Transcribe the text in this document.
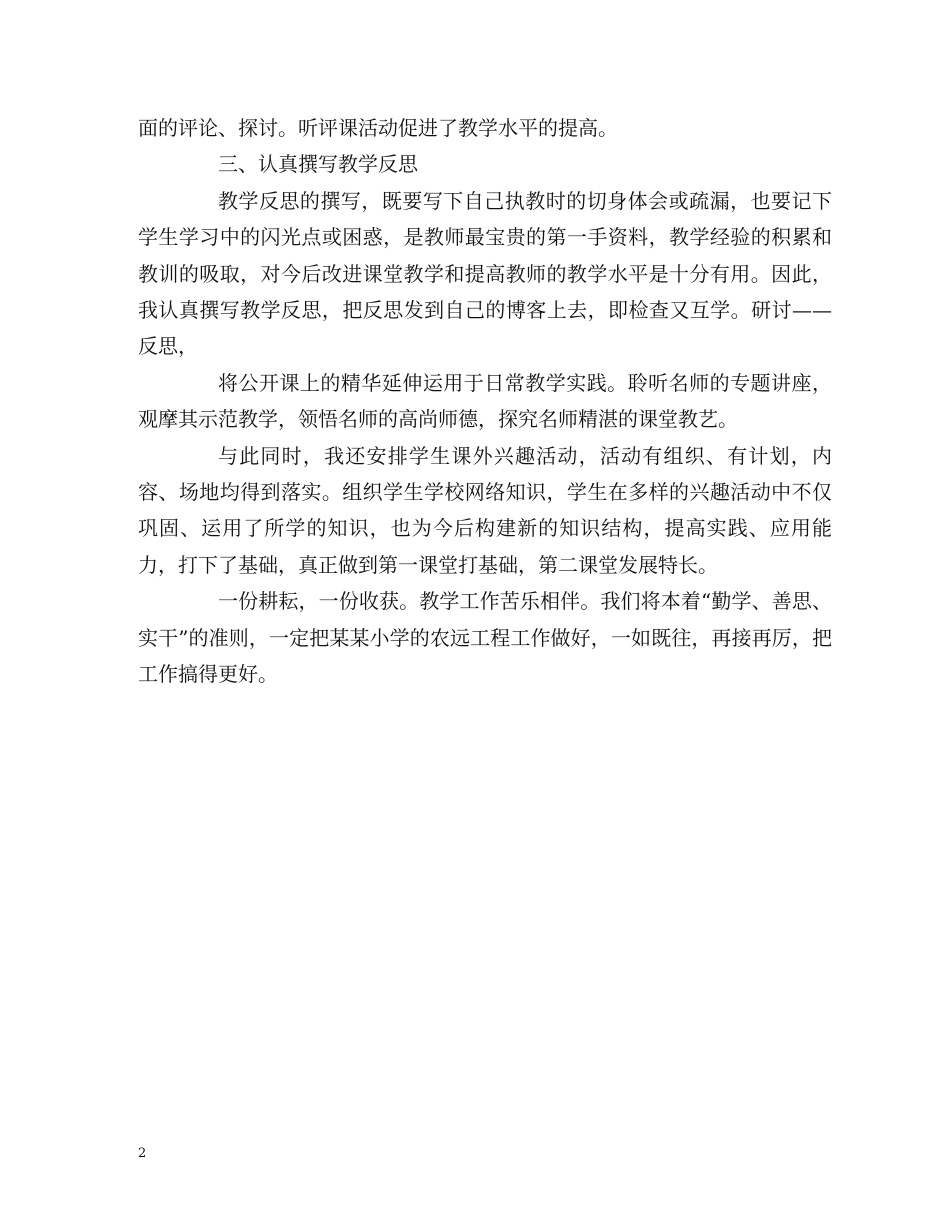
面的评论、探讨。听评课活动促进了教学水平的提高。

三、认真撰写教学反思

教学反思的撰写，既要写下自己执教时的切身体会或疏漏，也要记下学生学习中的闪光点或困惑，是教师最宝贵的第一手资料，教学经验的积累和教训的吸取，对今后改进课堂教学和提高教师的教学水平是十分有用。因此，我认真撰写教学反思，把反思发到自己的博客上去，即检查又互学。研讨——反思，

将公开课上的精华延伸运用于日常教学实践。聆听名师的专题讲座，观摩其示范教学，领悟名师的高尚师德，探究名师精湛的课堂教艺。

与此同时，我还安排学生课外兴趣活动，活动有组织、有计划，内容、场地均得到落实。组织学生学校网络知识，学生在多样的兴趣活动中不仅巩固、运用了所学的知识，也为今后构建新的知识结构，提高实践、应用能力，打下了基础，真正做到第一课堂打基础，第二课堂发展特长。

一份耕耘，一份收获。教学工作苦乐相伴。我们将本着“勤学、善思、实干”的准则，一定把某某小学的农远工程工作做好，一如既往，再接再厉，把工作搞得更好。

2
